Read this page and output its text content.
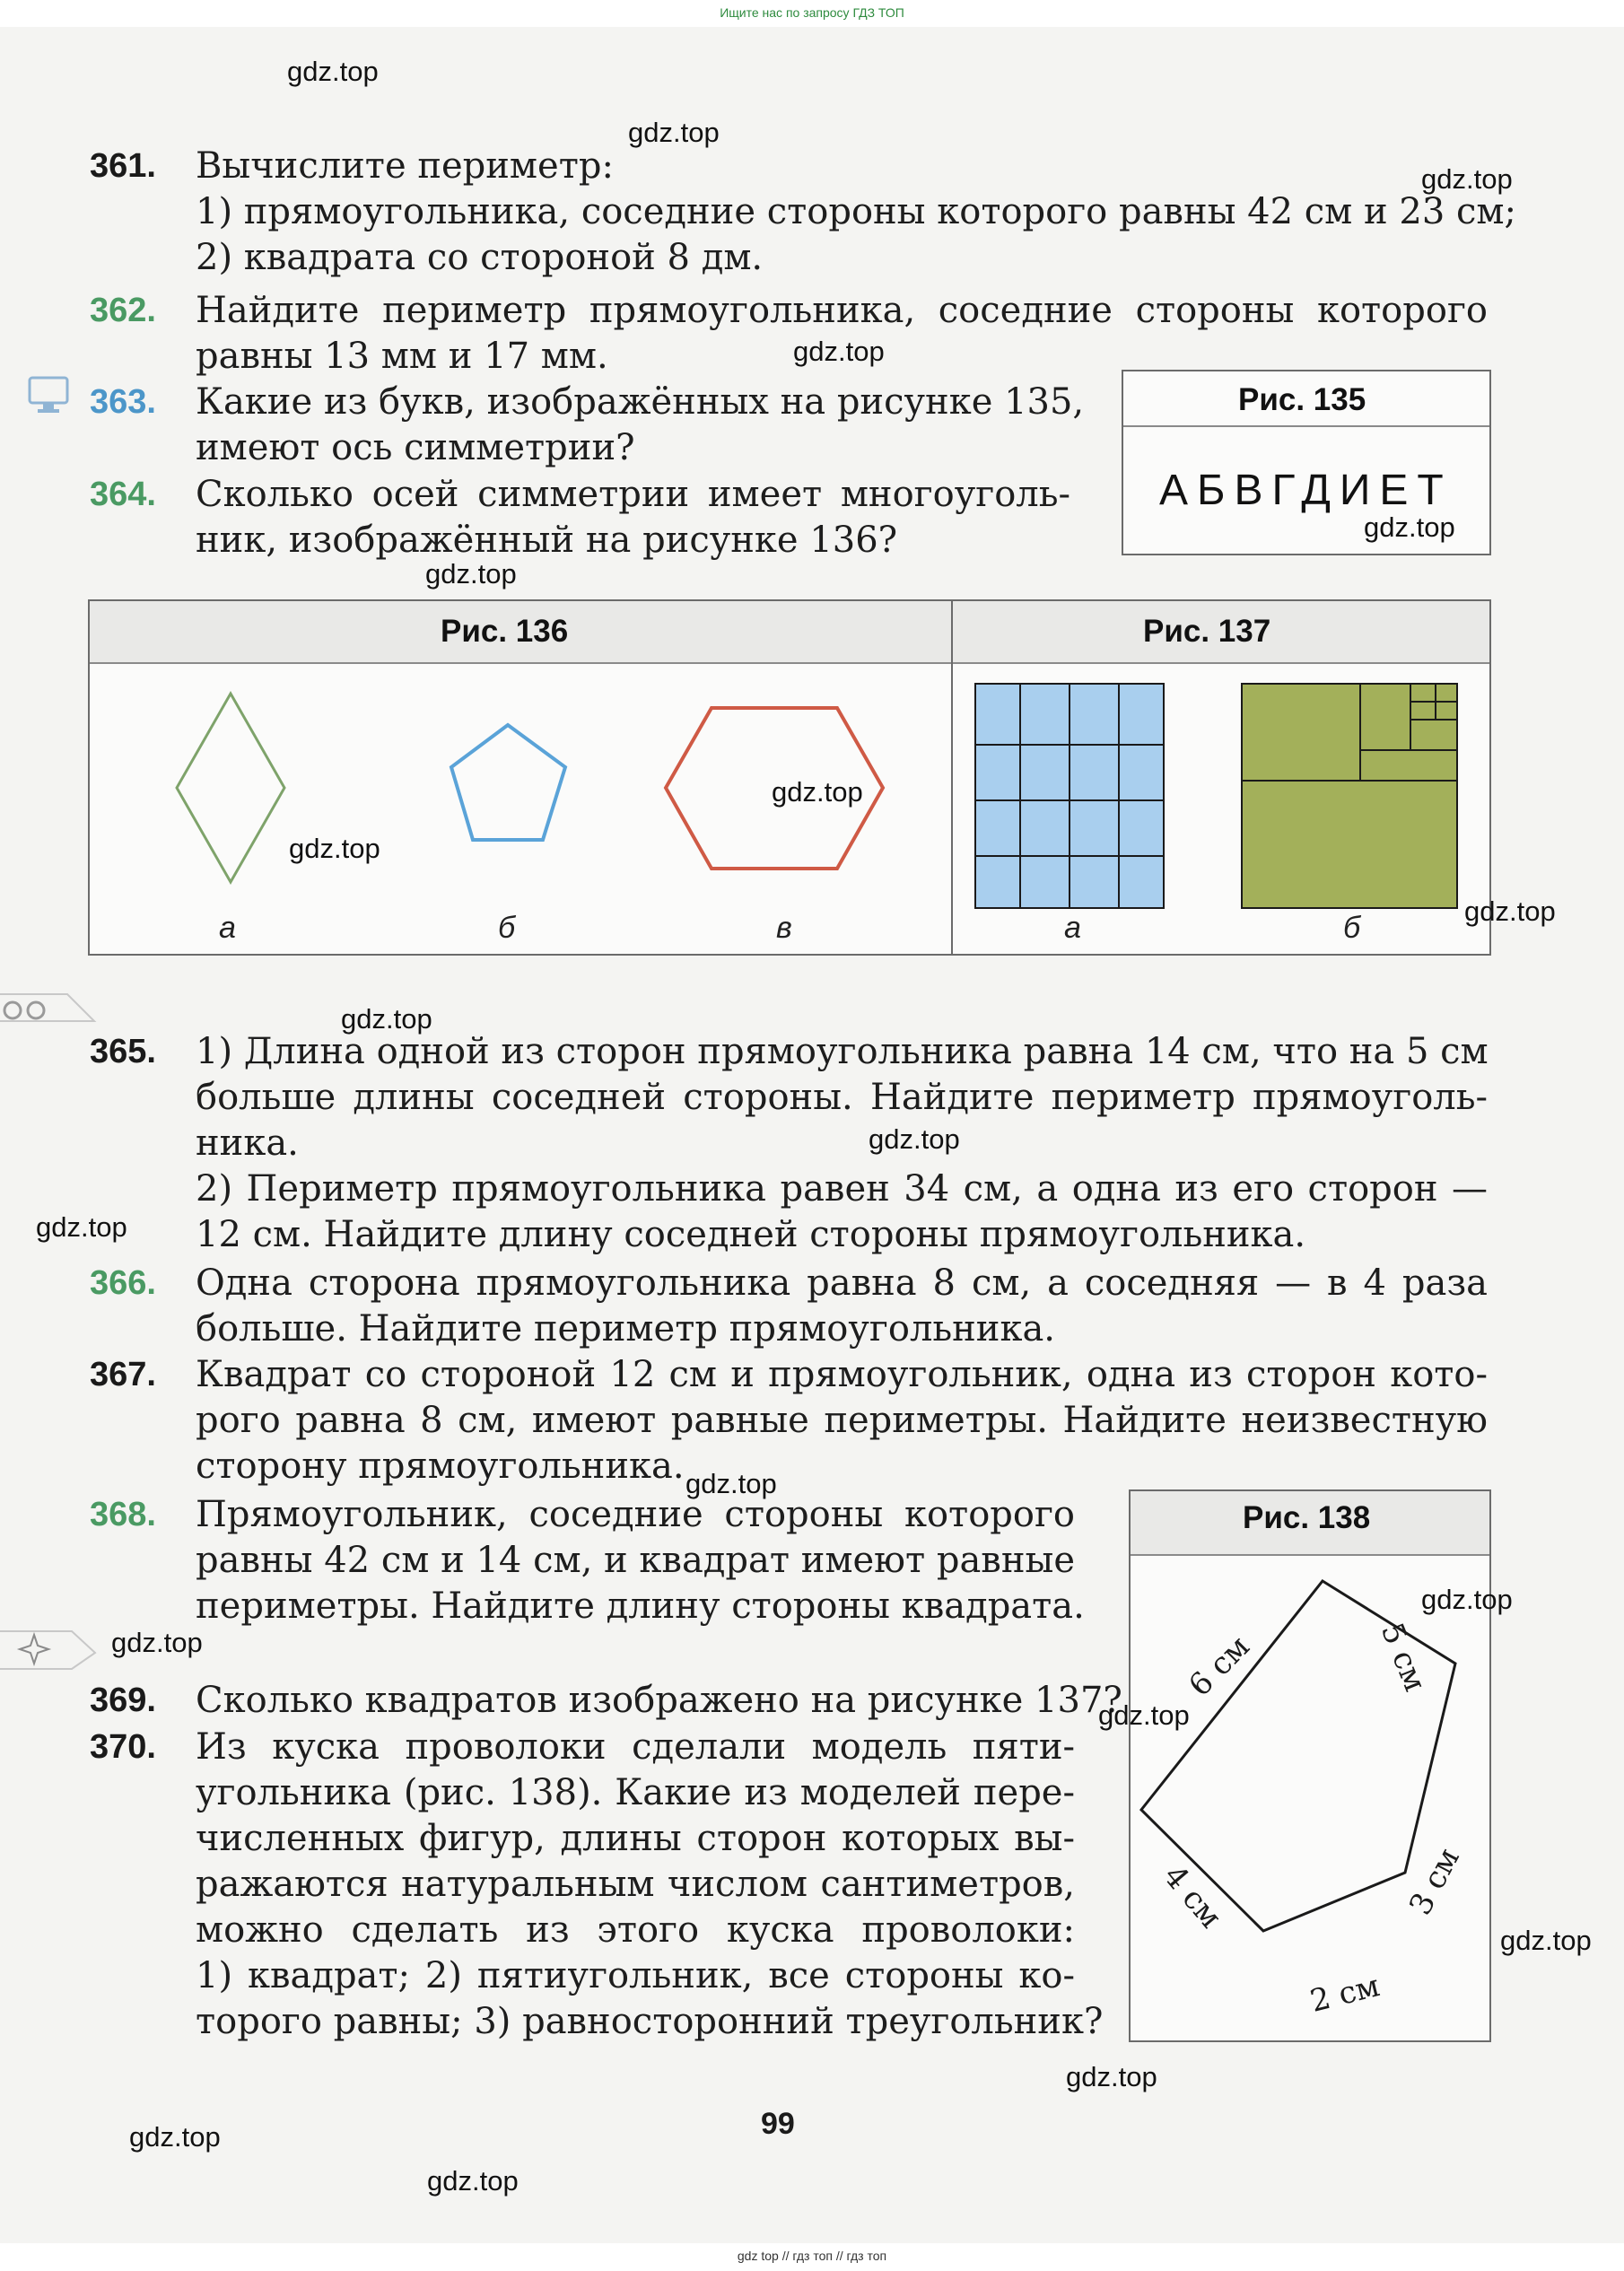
Ищите нас по запросу ГДЗ ТОП
361. Вычислите периметр:
1) прямоугольника, соседние стороны которого равны 42 см и 23 см;
2) квадрата со стороной 8 дм.
362. Найдите периметр прямоугольника, соседние стороны которого
равны 13 мм и 17 мм.
363. Какие из букв, изображённых на рисунке 135,
имеют ось симметрии?
364. Сколько осей симметрии имеет многоуголь-
ник, изображённый на рисунке 136?
365. 1) Длина одной из сторон прямоугольника равна 14 см, что на 5 см
больше длины соседней стороны. Найдите периметр прямоуголь-
ника.
2) Периметр прямоугольника равен 34 см, а одна из его сторон —
12 см. Найдите длину соседней стороны прямоугольника.
366. Одна сторона прямоугольника равна 8 см, а соседняя — в 4 раза
больше. Найдите периметр прямоугольника.
367. Квадрат со стороной 12 см и прямоугольник, одна из сторон кото-
рого равна 8 см, имеют равные периметры. Найдите неизвестную
сторону прямоугольника.
368. Прямоугольник, соседние стороны которого
равны 42 см и 14 см, и квадрат имеют равные
периметры. Найдите длину стороны квадрата.
369. Сколько квадратов изображено на рисунке 137?
370. Из куска проволоки сделали модель пяти-
угольника (рис. 138). Какие из моделей пере-
численных фигур, длины сторон которых вы-
ражаются натуральным числом сантиметров,
можно сделать из этого куска проволоки:
1) квадрат; 2) пятиугольник, все стороны ко-
торого равны; 3) равносторонний треугольник?
Рис. 135
АБВГДИЕТ
Рис. 136
а	б	в
Рис. 137
а	б
Рис. 138
6 см	5 см
3 см
2 см
4 см
99
gdz.top
gdz.top
gdz.top
gdz.top
gdz.top
gdz.top
gdz.top
gdz.top
gdz.top
gdz.top
gdz.top
gdz.top
gdz.top
gdz.top
gdz.top
gdz.top
gdz.top
gdz.top
gdz.top
gdz.top
gdz top // гдз топ // гдз топ
